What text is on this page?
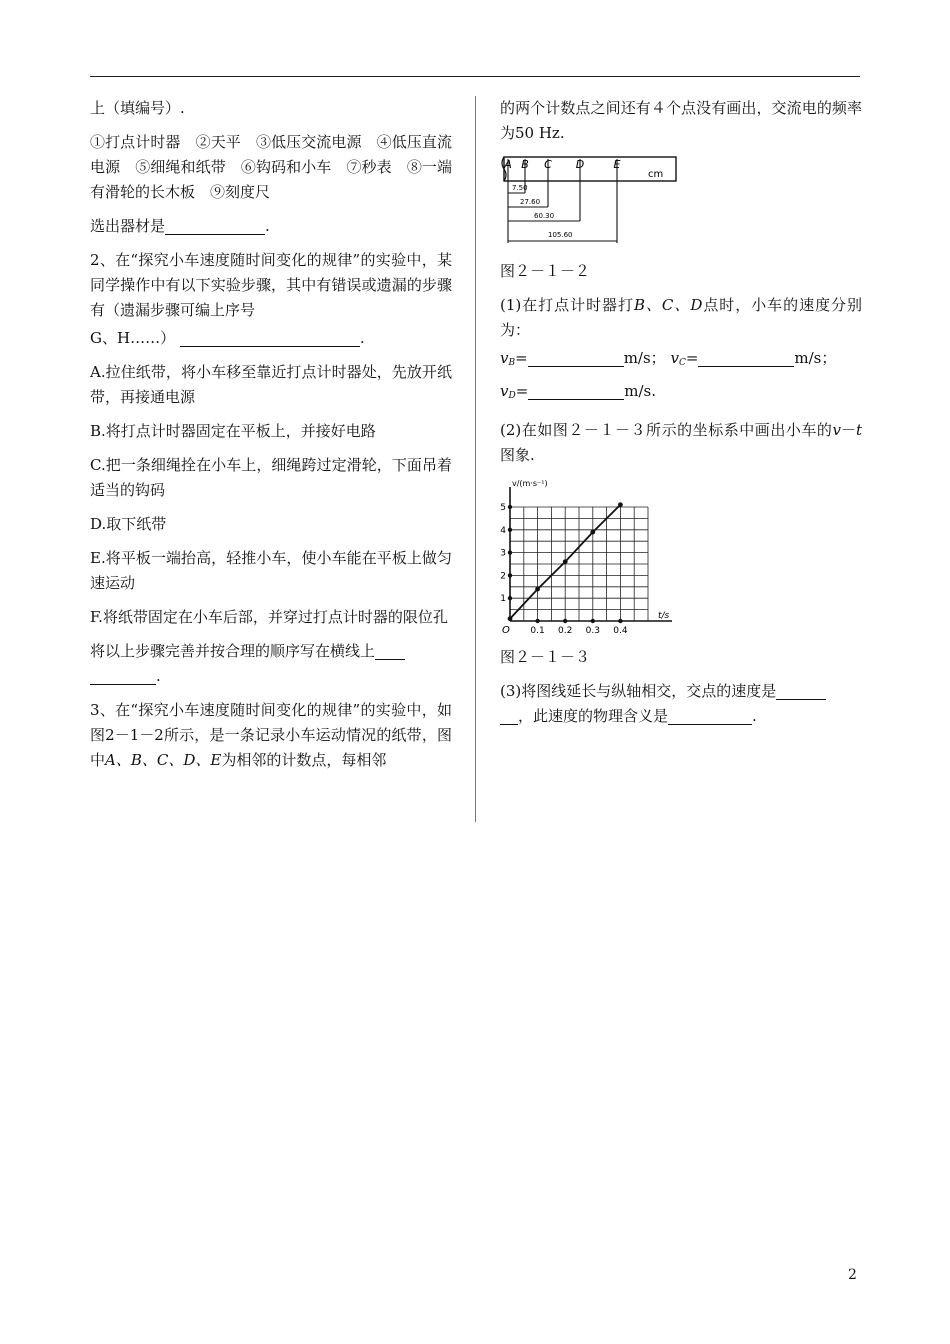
上（填编号）.

①打点计时器　②天平　③低压交流电源　④低压直流电源　⑤细绳和纸带　⑥钩码和小车　⑦秒表　⑧一端有滑轮的长木板　⑨刻度尺

选出器材是	.

2、在“探究小车速度随时间变化的规律”的实验中，某同学操作中有以下实验步骤，其中有错误或遗漏的步骤有（遗漏步骤可编上序号

G、H……）	.

A.拉住纸带，将小车移至靠近打点计时器处，先放开纸带，再接通电源

B.将打点计时器固定在平板上，并接好电路

C.把一条细绳拴在小车上，细绳跨过定滑轮，下面吊着适当的钩码

D.取下纸带

E.将平板一端抬高，轻推小车，使小车能在平板上做匀速运动

F.将纸带固定在小车后部，并穿过打点计时器的限位孔

将以上步骤完善并按合理的顺序写在横线上
.

3、在“探究小车速度随时间变化的规律”的实验中，如图2－1－2所示，是一条记录小车运动情况的纸带，图中A、B、C、D、E为相邻的计数点，每相邻

的两个计数点之间还有４个点没有画出，交流电的频率为50 Hz.

A B C D	E
cm
7.50
27.60
60.30
105.60

图２－１－２

(1)在打点计时器打B、C、D点时，小车的速度分别为：

$v_B=$	m/s； $v_C=$	m/s；

$v_D=$	m/s.

(2)在如图２－１－３所示的坐标系中画出小车的v－t图象.

v/(m·s⁻¹)
t/s
O 0.1 0.2 0.3 0.4
1
2
3
4
5

图２－１－３

(3)将图线延长与纵轴相交，交点的速度是
，此速度的物理含义是	.

2
